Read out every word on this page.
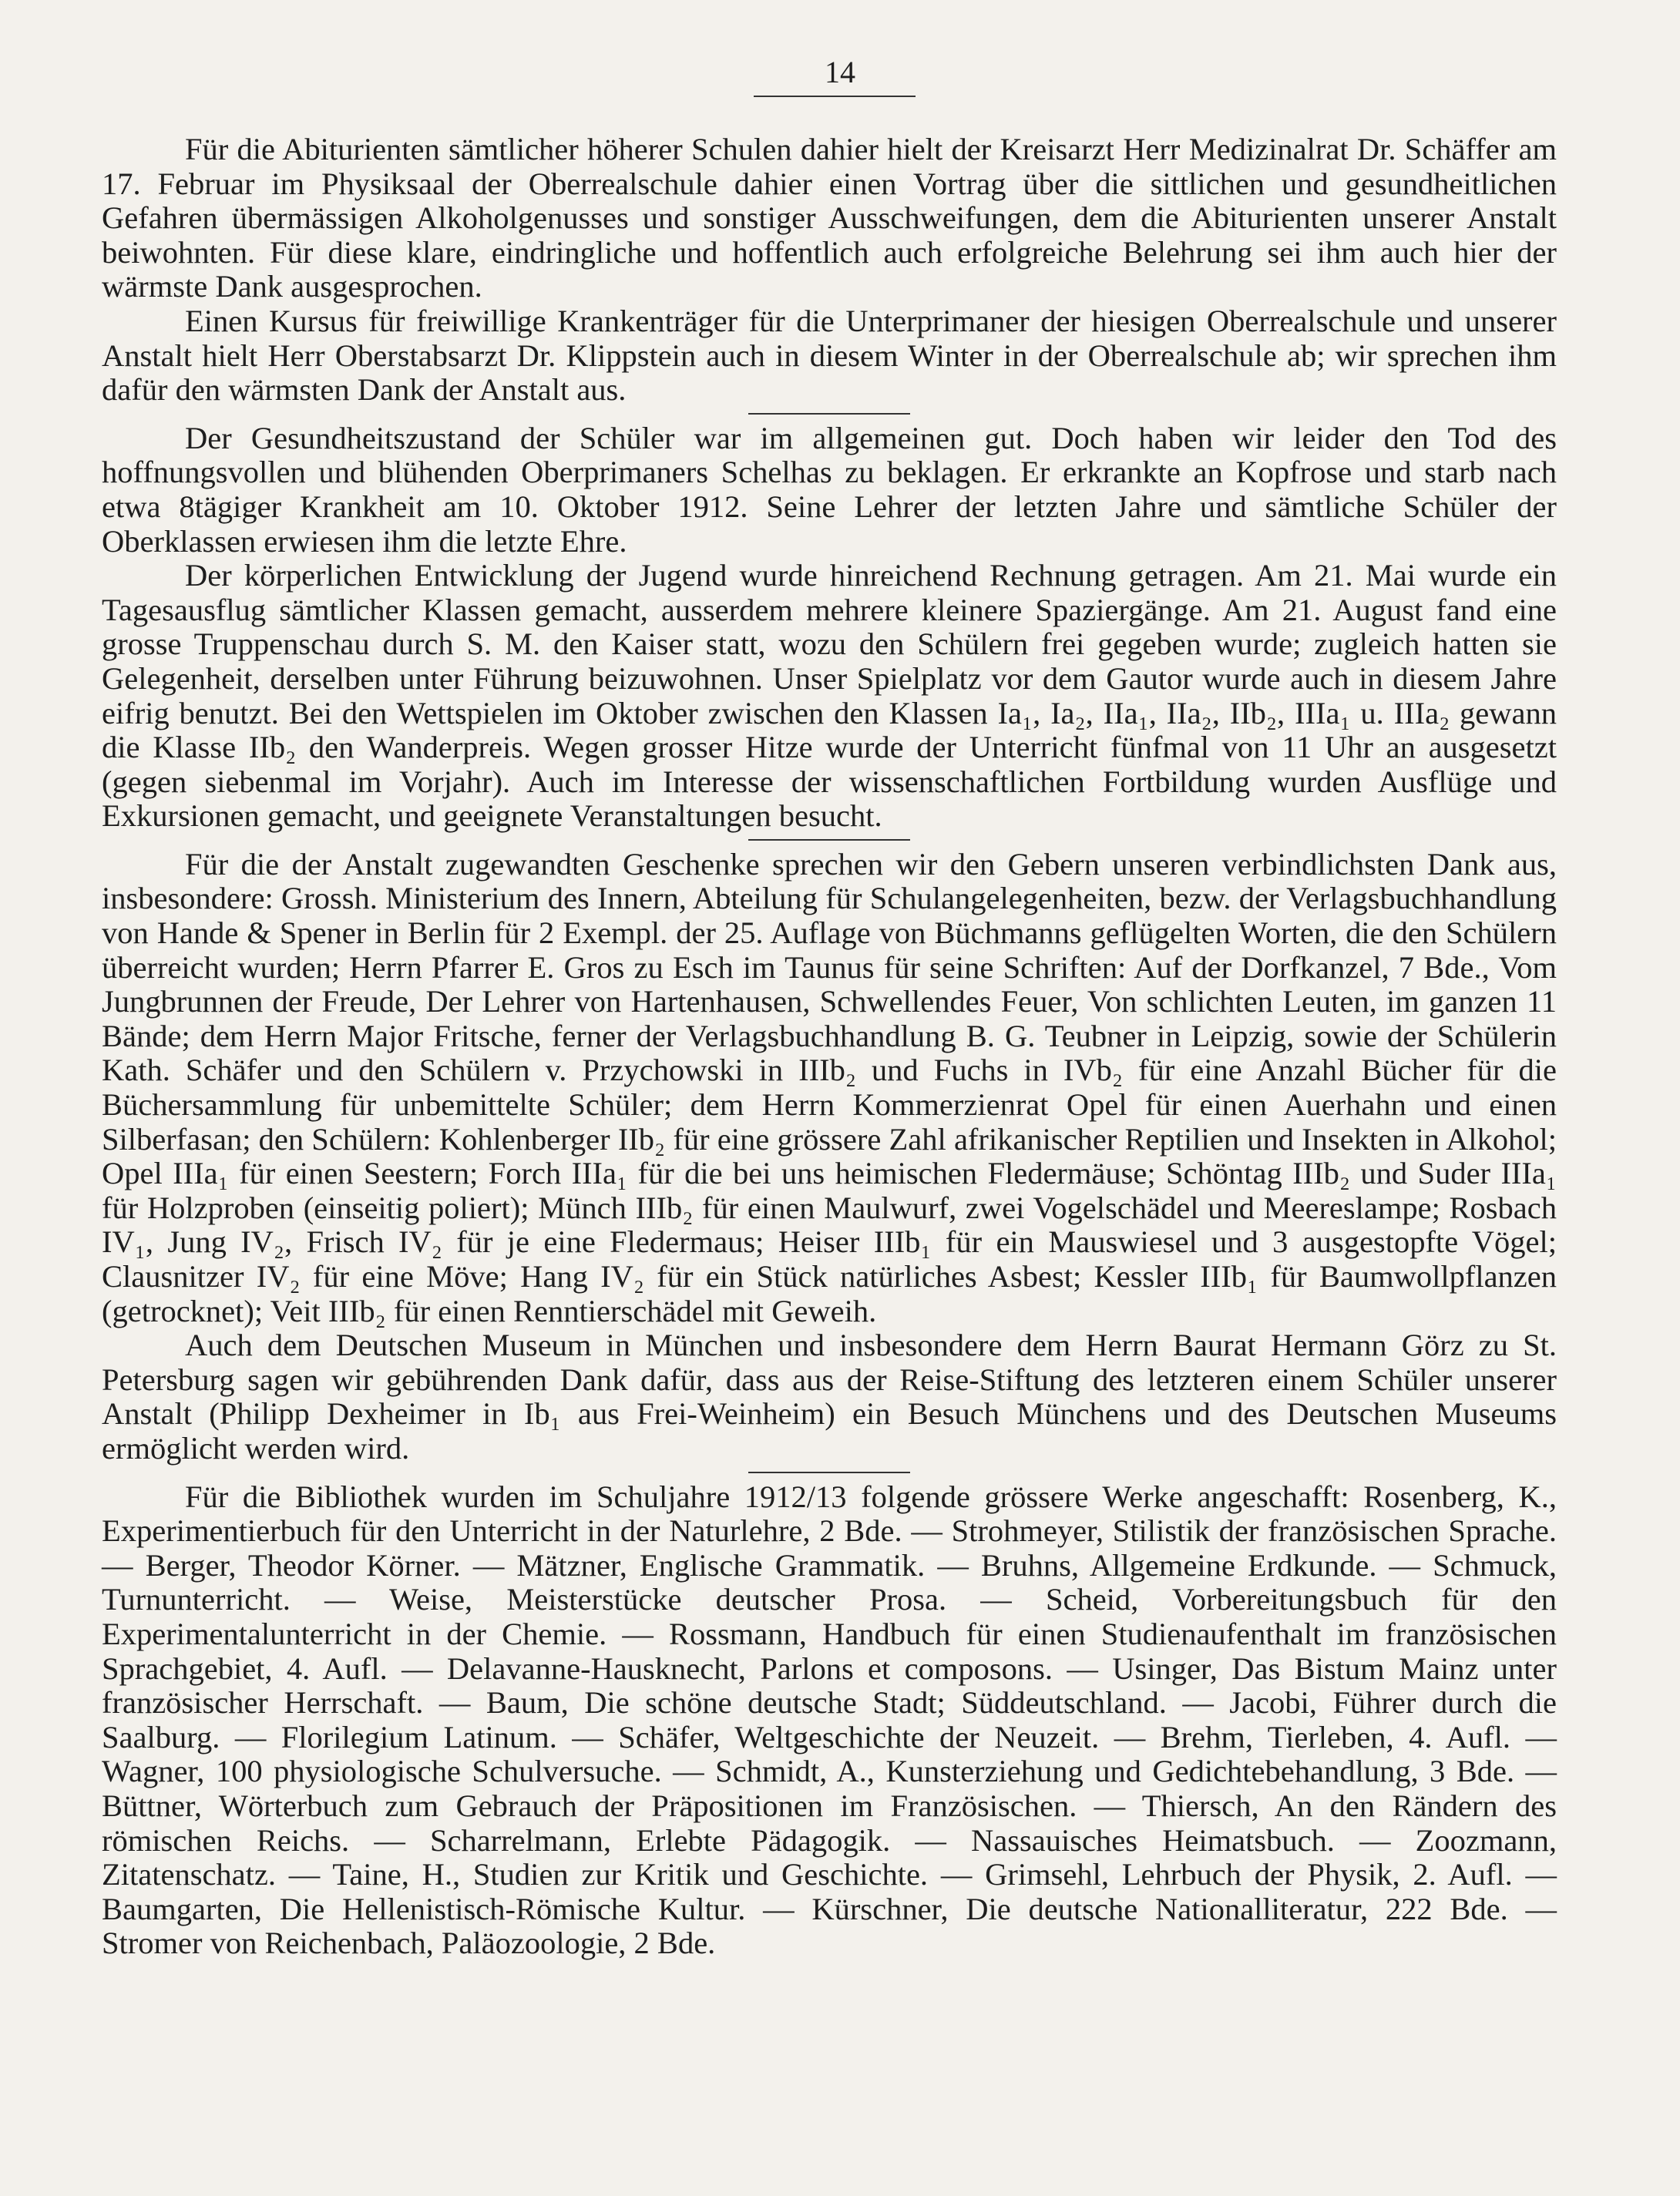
14

Für die Abiturienten sämtlicher höherer Schulen dahier hielt der Kreisarzt Herr Medizinalrat Dr. Schäffer am 17. Februar im Physiksaal der Oberrealschule dahier einen Vortrag über die sittlichen und gesundheitlichen Gefahren übermässigen Alkoholgenusses und sonstiger Ausschweifungen, dem die Abiturienten unserer Anstalt beiwohnten. Für diese klare, eindringliche und hoffentlich auch erfolgreiche Belehrung sei ihm auch hier der wärmste Dank ausgesprochen.

Einen Kursus für freiwillige Krankenträger für die Unterprimaner der hiesigen Oberrealschule und unserer Anstalt hielt Herr Oberstabsarzt Dr. Klippstein auch in diesem Winter in der Oberrealschule ab; wir sprechen ihm dafür den wärmsten Dank der Anstalt aus.

Der Gesundheitszustand der Schüler war im allgemeinen gut. Doch haben wir leider den Tod des hoffnungsvollen und blühenden Oberprimaners Schelhas zu beklagen. Er erkrankte an Kopfrose und starb nach etwa 8tägiger Krankheit am 10. Oktober 1912. Seine Lehrer der letzten Jahre und sämtliche Schüler der Oberklassen erwiesen ihm die letzte Ehre.

Der körperlichen Entwicklung der Jugend wurde hinreichend Rechnung getragen. Am 21. Mai wurde ein Tagesausflug sämtlicher Klassen gemacht, ausserdem mehrere kleinere Spaziergänge. Am 21. August fand eine grosse Truppenschau durch S. M. den Kaiser statt, wozu den Schülern frei gegeben wurde; zugleich hatten sie Gelegenheit, derselben unter Führung beizuwohnen. Unser Spielplatz vor dem Gautor wurde auch in diesem Jahre eifrig benutzt. Bei den Wettspielen im Oktober zwischen den Klassen Ia₁, Ia₂, IIa₁, IIa₂, IIb₂, IIIa₁ u. IIIa₂ gewann die Klasse IIb₂ den Wanderpreis. Wegen grosser Hitze wurde der Unterricht fünfmal von 11 Uhr an ausgesetzt (gegen siebenmal im Vorjahr). Auch im Interesse der wissenschaftlichen Fortbildung wurden Ausflüge und Exkursionen gemacht, und geeignete Veranstaltungen besucht.

Für die der Anstalt zugewandten Geschenke sprechen wir den Gebern unseren verbindlichsten Dank aus, insbesondere: Grossh. Ministerium des Innern, Abteilung für Schulangelegenheiten, bezw. der Verlagsbuchhandlung von Hande & Spener in Berlin für 2 Exempl. der 25. Auflage von Büchmanns geflügelten Worten, die den Schülern überreicht wurden; Herrn Pfarrer E. Gros zu Esch im Taunus für seine Schriften: Auf der Dorfkanzel, 7 Bde., Vom Jungbrunnen der Freude, Der Lehrer von Hartenhausen, Schwellendes Feuer, Von schlichten Leuten, im ganzen 11 Bände; dem Herrn Major Fritsche, ferner der Verlagsbuchhandlung B. G. Teubner in Leipzig, sowie der Schülerin Kath. Schäfer und den Schülern v. Przychowski in IIIb₂ und Fuchs in IVb₂ für eine Anzahl Bücher für die Büchersammlung für unbemittelte Schüler; dem Herrn Kommerzienrat Opel für einen Auerhahn und einen Silberfasan; den Schülern: Kohlenberger IIb₂ für eine grössere Zahl afrikanischer Reptilien und Insekten in Alkohol; Opel IIIa₁ für einen Seestern; Forch IIIa₁ für die bei uns heimischen Fledermäuse; Schöntag IIIb₂ und Suder IIIa₁ für Holzproben (einseitig poliert); Münch IIIb₂ für einen Maulwurf, zwei Vogelschädel und Meereslampe; Rosbach IV₁, Jung IV₂, Frisch IV₂ für je eine Fledermaus; Heiser IIIb₁ für ein Mauswiesel und 3 ausgestopfte Vögel; Clausnitzer IV₂ für eine Möve; Hang IV₂ für ein Stück natürliches Asbest; Kessler IIIb₁ für Baumwollpflanzen (getrocknet); Veit IIIb₂ für einen Renntierschädel mit Geweih.

Auch dem Deutschen Museum in München und insbesondere dem Herrn Baurat Hermann Görz zu St. Petersburg sagen wir gebührenden Dank dafür, dass aus der Reise-Stiftung des letzteren einem Schüler unserer Anstalt (Philipp Dexheimer in Ib₁ aus Frei-Weinheim) ein Besuch Münchens und des Deutschen Museums ermöglicht werden wird.

Für die Bibliothek wurden im Schuljahre 1912/13 folgende grössere Werke angeschafft: Rosenberg, K., Experimentierbuch für den Unterricht in der Naturlehre, 2 Bde. — Strohmeyer, Stilistik der französischen Sprache. — Berger, Theodor Körner. — Mätzner, Englische Grammatik. — Bruhns, Allgemeine Erdkunde. — Schmuck, Turnunterricht. — Weise, Meisterstücke deutscher Prosa. — Scheid, Vorbereitungsbuch für den Experimentalunterricht in der Chemie. — Rossmann, Handbuch für einen Studienaufenthalt im französischen Sprachgebiet, 4. Aufl. — Delavanne-Hausknecht, Parlons et composons. — Usinger, Das Bistum Mainz unter französischer Herrschaft. — Baum, Die schöne deutsche Stadt; Süddeutschland. — Jacobi, Führer durch die Saalburg. — Florilegium Latinum. — Schäfer, Weltgeschichte der Neuzeit. — Brehm, Tierleben, 4. Aufl. — Wagner, 100 physiologische Schulversuche. — Schmidt, A., Kunsterziehung und Gedichtebehandlung, 3 Bde. — Büttner, Wörterbuch zum Gebrauch der Präpositionen im Französischen. — Thiersch, An den Rändern des römischen Reichs. — Scharrelmann, Erlebte Pädagogik. — Nassauisches Heimatsbuch. — Zoozmann, Zitatenschatz. — Taine, H., Studien zur Kritik und Geschichte. — Grimsehl, Lehrbuch der Physik, 2. Aufl. — Baumgarten, Die Hellenistisch-Römische Kultur. — Kürschner, Die deutsche Nationalliteratur, 222 Bde. — Stromer von Reichenbach, Paläozoologie, 2 Bde.
